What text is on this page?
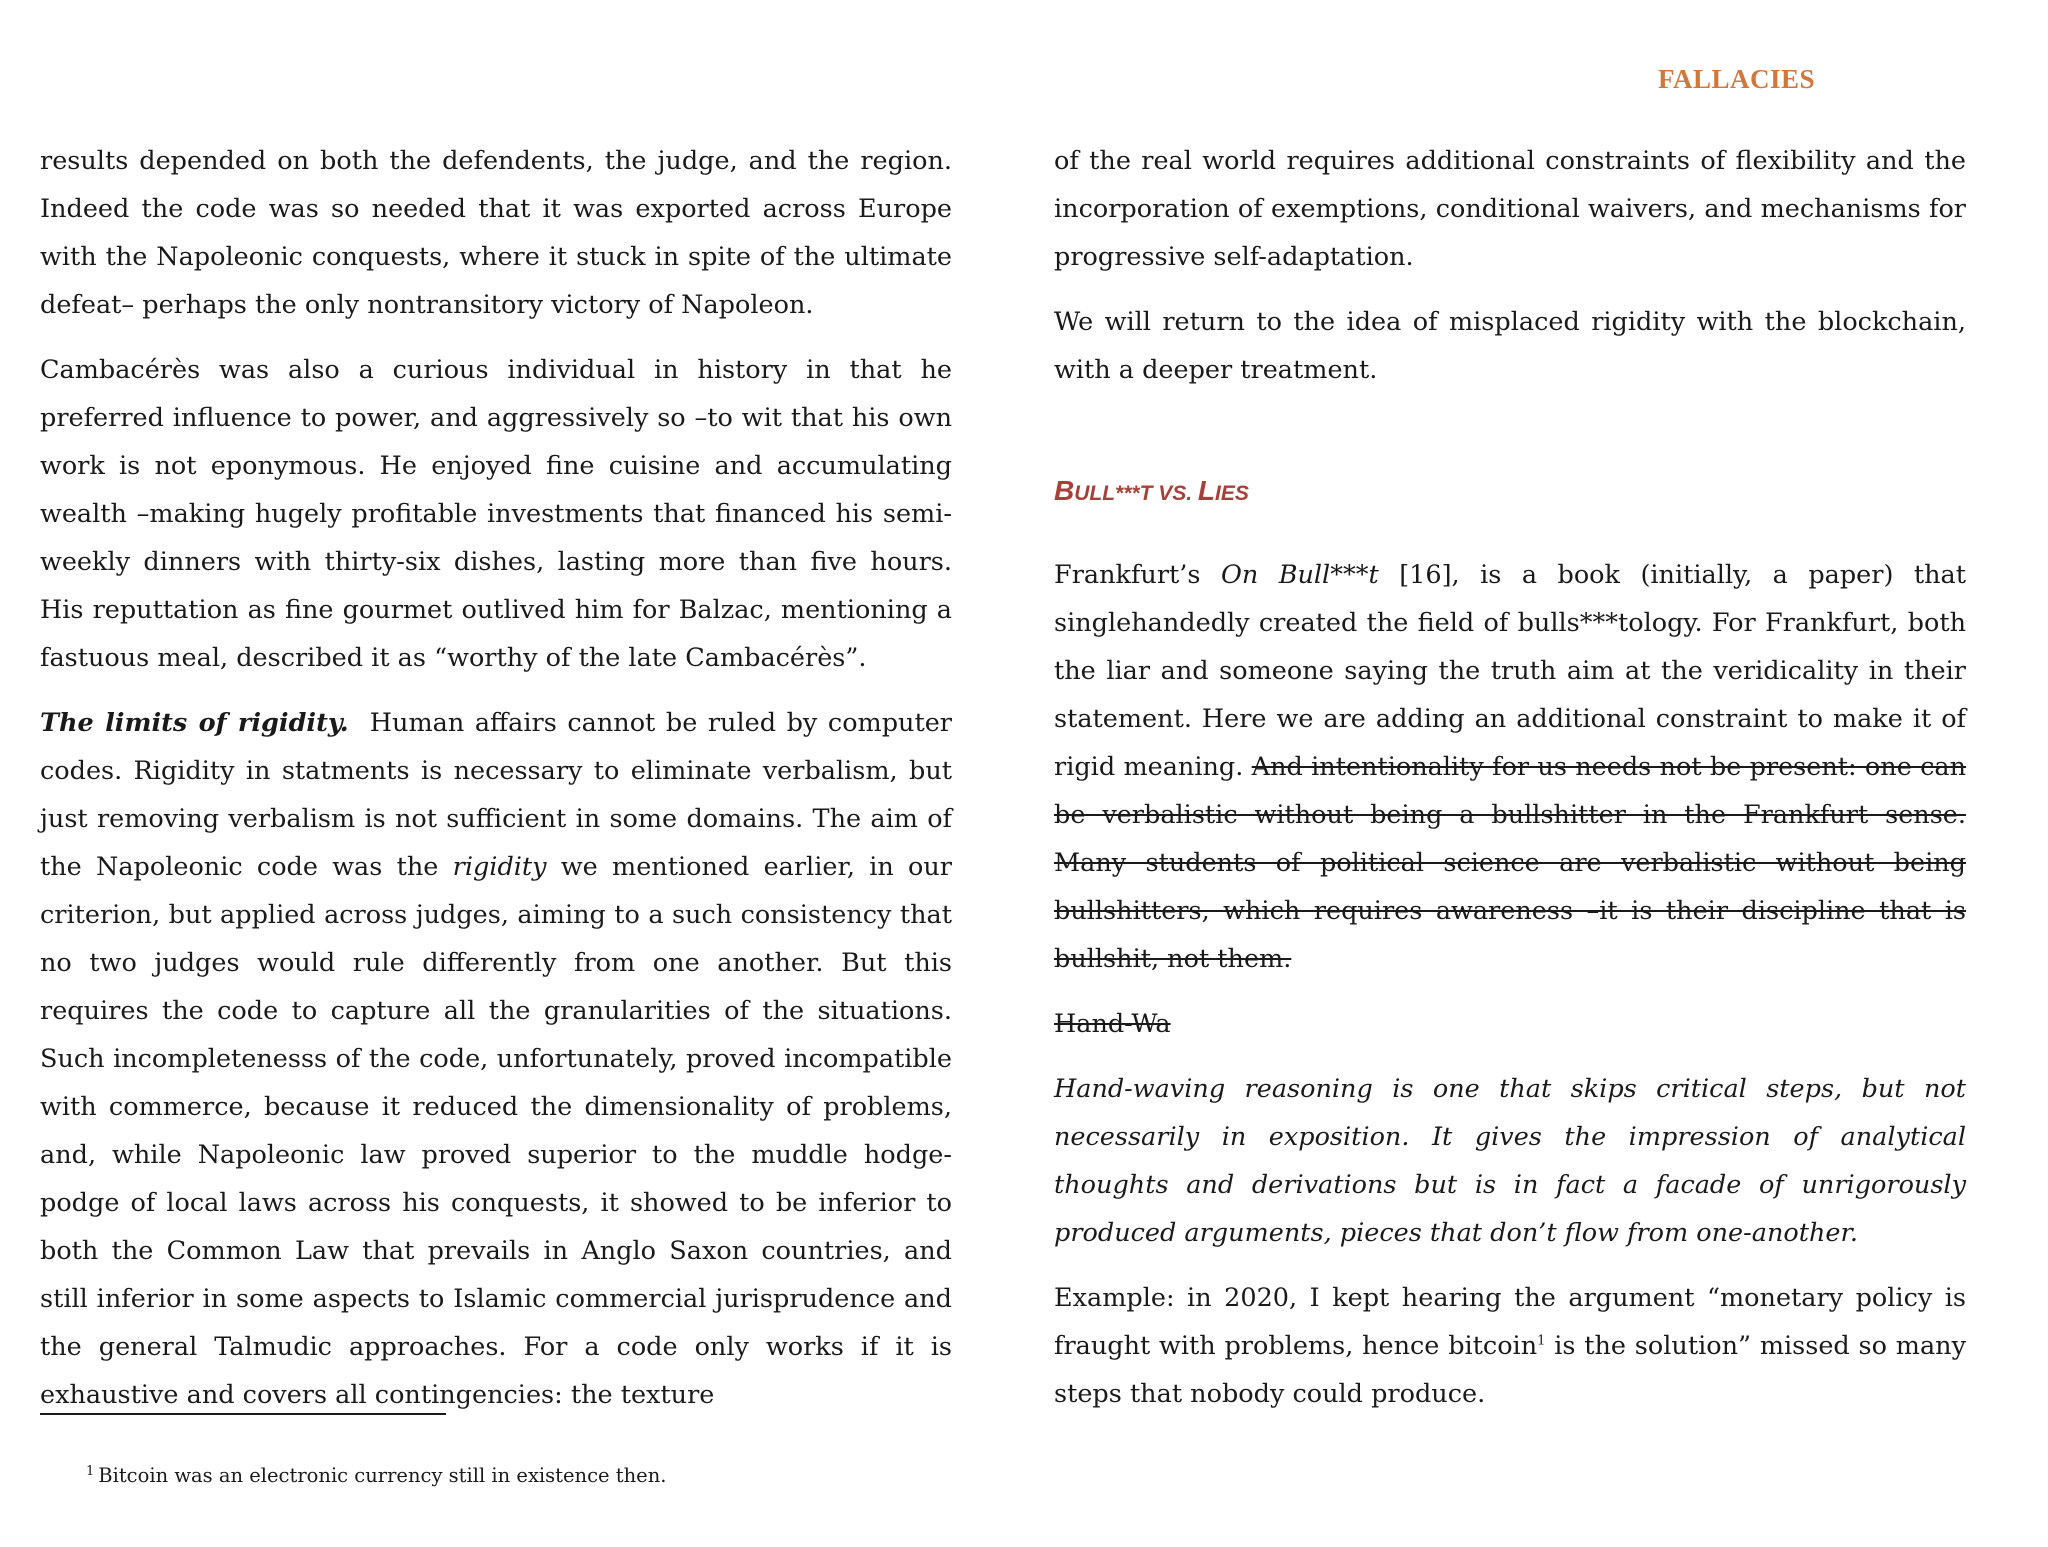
FALLACIES

results depended on both the defendents, the judge, and the region. Indeed the code was so needed that it was exported across Europe with the Napoleonic conquests, where it stuck in spite of the ultimate defeat– perhaps the only nontransitory victory of Napoleon.

Cambacérès was also a curious individual in history in that he preferred influence to power, and aggressively so –to wit that his own work is not eponymous. He enjoyed fine cuisine and accumulating wealth –making hugely profitable investments that financed his semi-weekly dinners with thirty-six dishes, lasting more than five hours. His reputtation as fine gourmet outlived him for Balzac, mentioning a fastuous meal, described it as “worthy of the late Cambacérès”.

The limits of rigidity. Human affairs cannot be ruled by computer codes. Rigidity in statments is necessary to eliminate verbalism, but just removing verbalism is not sufficient in some domains. The aim of the Napoleonic code was the rigidity we mentioned earlier, in our criterion, but applied across judges, aiming to a such consistency that no two judges would rule differently from one another. But this requires the code to capture all the granularities of the situations. Such incompletenesss of the code, unfortunately, proved incompatible with commerce, because it reduced the dimensionality of problems, and, while Napoleonic law proved superior to the muddle hodge-podge of local laws across his conquests, it showed to be inferior to both the Common Law that prevails in Anglo Saxon countries, and still inferior in some aspects to Islamic commercial jurisprudence and the general Talmudic approaches. For a code only works if it is exhaustive and covers all contingencies: the texture

of the real world requires additional constraints of flexibility and the incorporation of exemptions, conditional waivers, and mechanisms for progressive self-adaptation.

We will return to the idea of misplaced rigidity with the blockchain, with a deeper treatment.

BULL***T VS. LIES

Frankfurt’s On Bull***t [16], is a book (initially, a paper) that singlehandedly created the field of bulls***tology. For Frankfurt, both the liar and someone saying the truth aim at the veridicality in their statement. Here we are adding an additional constraint to make it of rigid meaning. And intentionality for us needs not be present: one can be verbalistic without being a bullshitter in the Frankfurt sense. Many students of political science are verbalistic without being bullshitters, which requires awareness –it is their discipline that is bullshit, not them.

Hand-Wa

Hand-waving reasoning is one that skips critical steps, but not necessarily in exposition. It gives the impression of analytical thoughts and derivations but is in fact a facade of unrigorously produced arguments, pieces that don’t flow from one-another.

Example: in 2020, I kept hearing the argument “monetary policy is fraught with problems, hence bitcoin$^1$ is the solution” missed so many steps that nobody could produce.

$^1$ Bitcoin was an electronic currency still in existence then.
